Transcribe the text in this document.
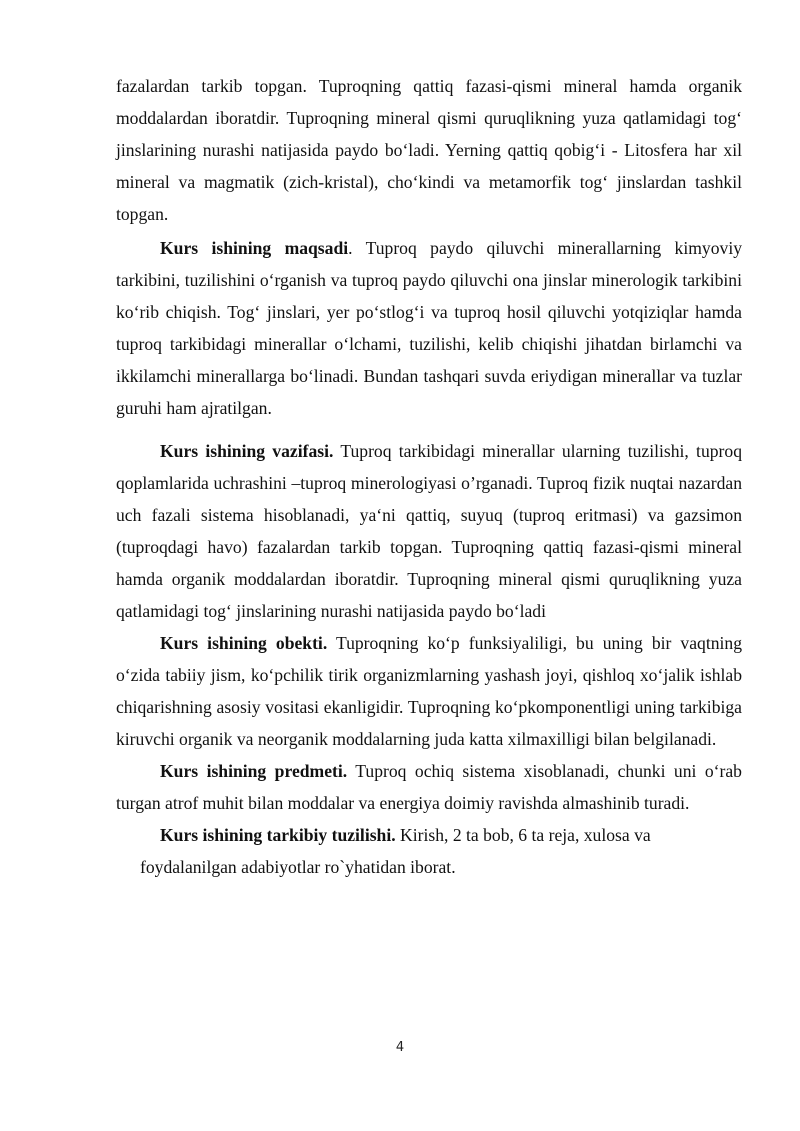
fazalardan tarkib topgan. Tuproqning qattiq fazasi-qismi mineral hamda organik moddalardan iboratdir. Tuproqning mineral qismi quruqlikning yuza qatlamidagi tog‘ jinslarining nurashi natijasida paydo bo‘ladi. Yerning qattiq qobig‘i - Litosfera har xil mineral va magmatik (zich-kristal), cho‘kindi va metamorfik tog‘ jinslardan tashkil topgan.

Kurs ishining maqsadi. Tuproq paydo qiluvchi minerallarning kimyoviy tarkibini, tuzilishini o‘rganish va tuproq paydo qiluvchi ona jinslar minerologik tarkibini ko‘rib chiqish. Tog‘ jinslari, yer po‘stlog‘i va tuproq hosil qiluvchi yotqiziqlar hamda tuproq tarkibidagi minerallar o‘lchami, tuzilishi, kelib chiqishi jihatdan birlamchi va ikkilamchi minerallarga bo‘linadi. Bundan tashqari suvda eriydigan minerallar va tuzlar guruhi ham ajratilgan.

Kurs ishining vazifasi. Tuproq tarkibidagi minerallar ularning tuzilishi, tuproq qoplamlarida uchrashini –tuproq minerologiyasi o’rganadi. Tuproq fizik nuqtai nazardan uch fazali sistema hisoblanadi, ya‘ni qattiq, suyuq (tuproq eritmasi) va gazsimon (tuproqdagi havo) fazalardan tarkib topgan. Tuproqning qattiq fazasi-qismi mineral hamda organik moddalardan iboratdir. Tuproqning mineral qismi quruqlikning yuza qatlamidagi tog‘ jinslarining nurashi natijasida paydo bo‘ladi

Kurs ishining obekti. Tuproqning ko‘p funksiyaliligi, bu uning bir vaqtning o‘zida tabiiy jism, ko‘pchilik tirik organizmlarning yashash joyi, qishloq xo‘jalik ishlab chiqarishning asosiy vositasi ekanligidir. Tuproqning ko‘pkomponentligi uning tarkibiga kiruvchi organik va neorganik moddalarning juda katta xilmaxilligi bilan belgilanadi.

Kurs ishining predmeti. Tuproq ochiq sistema xisoblanadi, chunki uni o‘rab turgan atrof muhit bilan moddalar va energiya doimiy ravishda almashinib turadi.

Kurs ishining tarkibiy tuzilishi. Kirish, 2 ta bob, 6 ta reja, xulosa va
foydalanilgan adabiyotlar ro`yhatidan iborat.

4
